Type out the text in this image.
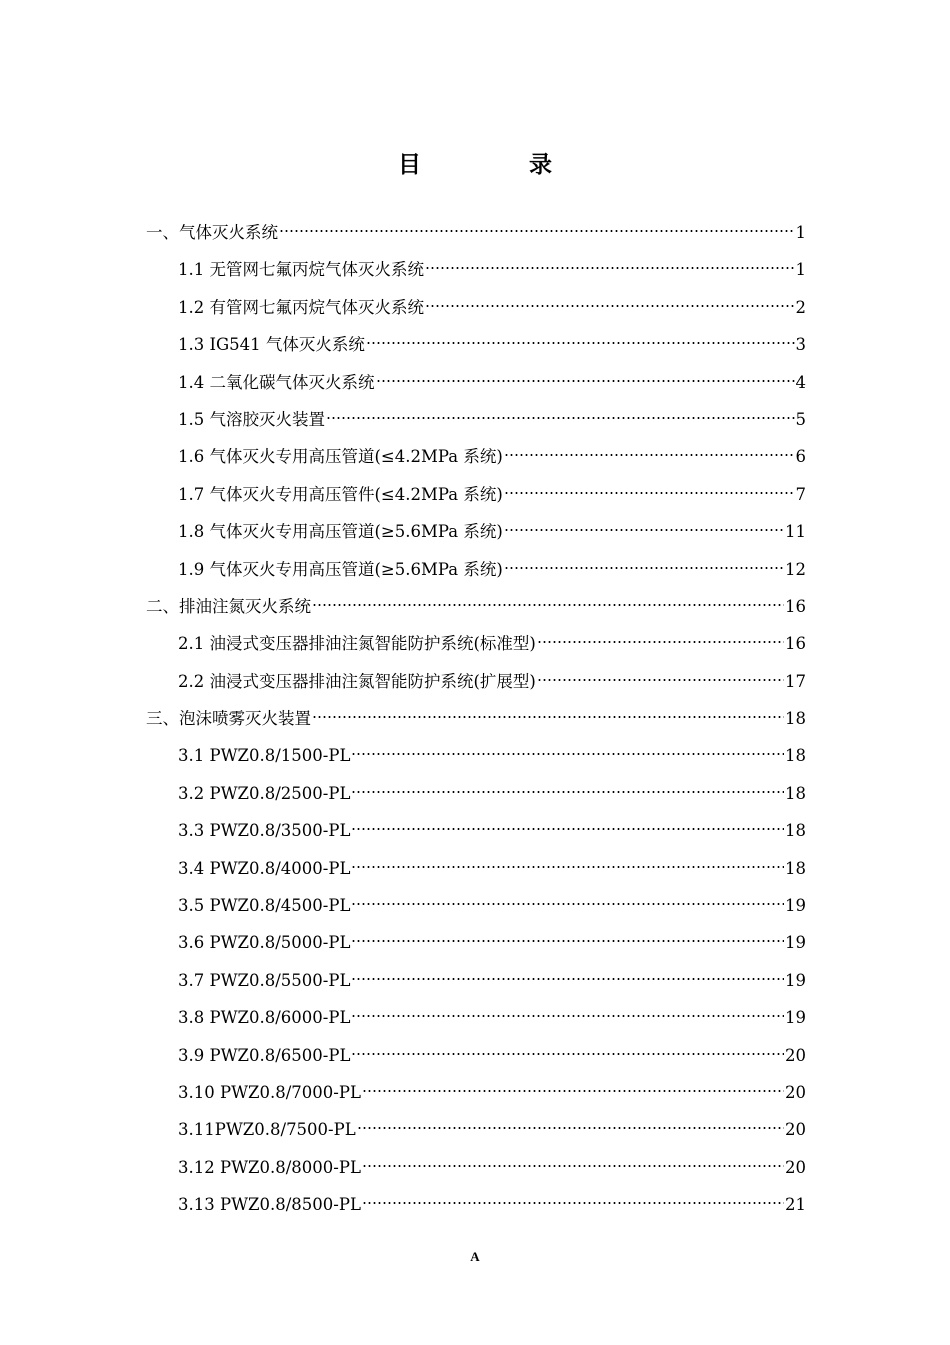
目 录
一、气体灭火系统	1
1.1 无管网七氟丙烷气体灭火系统	1
1.2 有管网七氟丙烷气体灭火系统	2
1.3 IG541 气体灭火系统	3
1.4 二氧化碳气体灭火系统	4
1.5 气溶胶灭火装置	5
1.6 气体灭火专用高压管道(≤4.2MPa 系统)	6
1.7 气体灭火专用高压管件(≤4.2MPa 系统)	7
1.8 气体灭火专用高压管道(≥5.6MPa 系统)	11
1.9 气体灭火专用高压管道(≥5.6MPa 系统)	12
二、排油注氮灭火系统	16
2.1 油浸式变压器排油注氮智能防护系统(标准型)	16
2.2 油浸式变压器排油注氮智能防护系统(扩展型)	17
三、泡沫喷雾灭火装置	18
3.1 PWZ0.8/1500-PL	18
3.2 PWZ0.8/2500-PL	18
3.3 PWZ0.8/3500-PL	18
3.4 PWZ0.8/4000-PL	18
3.5 PWZ0.8/4500-PL	19
3.6 PWZ0.8/5000-PL	19
3.7 PWZ0.8/5500-PL	19
3.8 PWZ0.8/6000-PL	19
3.9 PWZ0.8/6500-PL	20
3.10 PWZ0.8/7000-PL	20
3.11PWZ0.8/7500-PL	20
3.12 PWZ0.8/8000-PL	20
3.13 PWZ0.8/8500-PL	21
A
